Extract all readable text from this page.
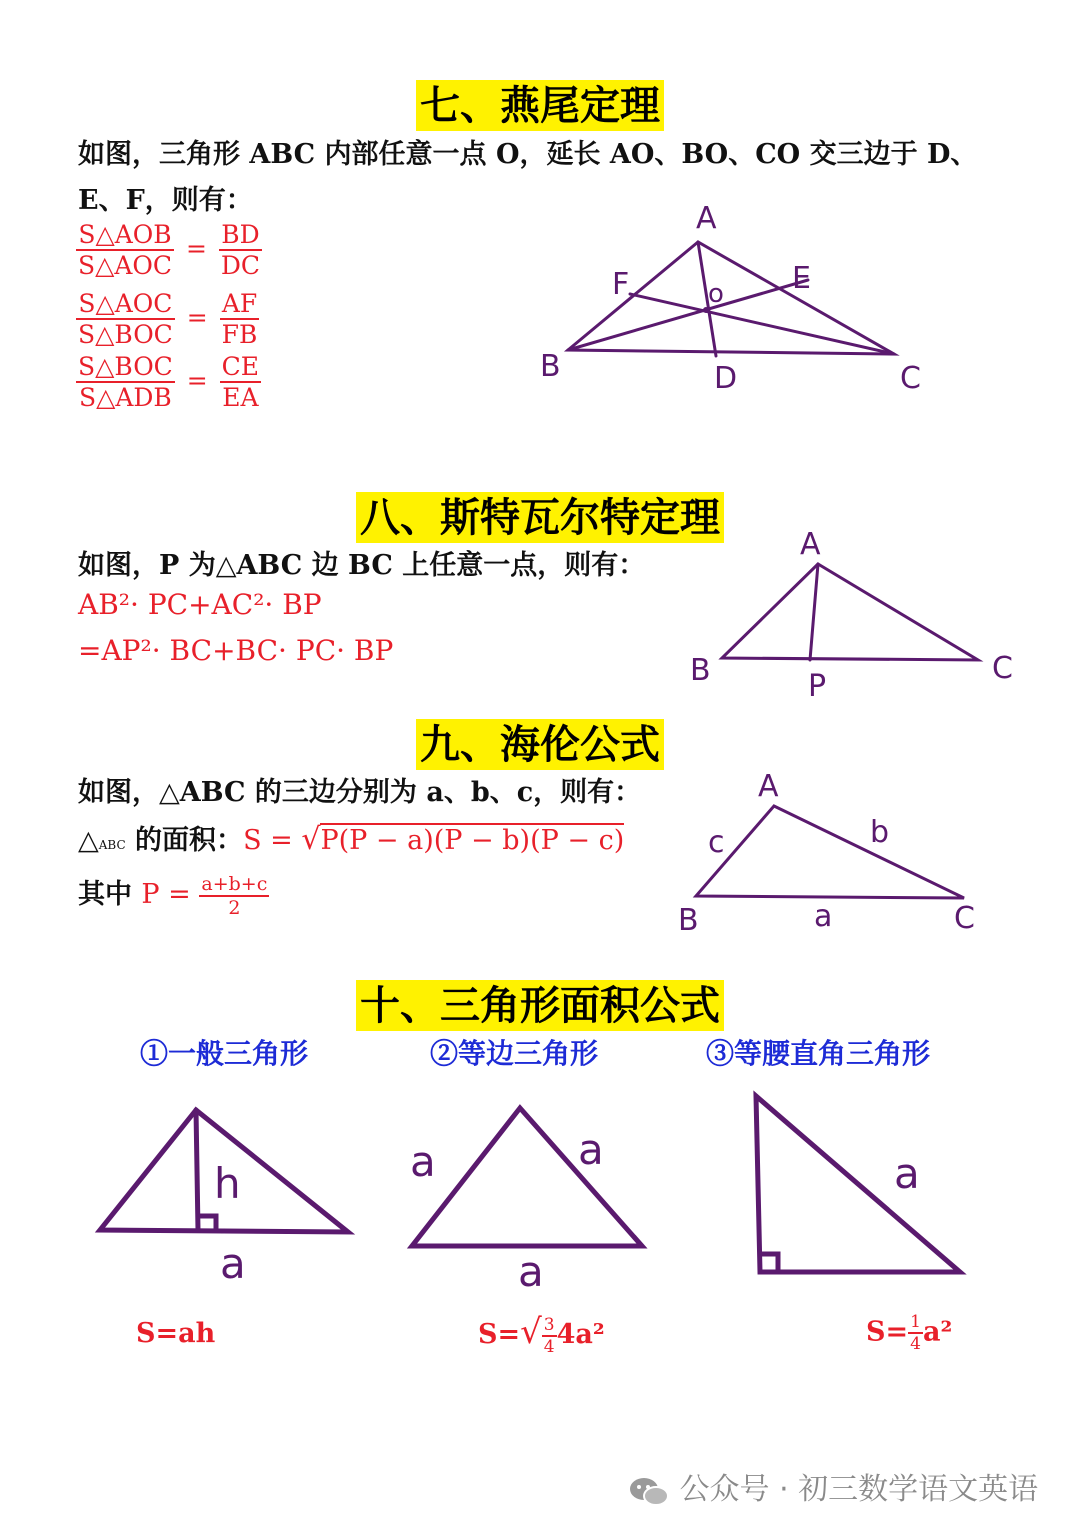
七、燕尾定理
如图，三角形 ABC 内部任意一点 O，延长 AO、BO、CO 交三边于 D、
E、F，则有：
$\frac{\text{S△AOB}}{\text{S△AOC}} = \frac{BD}{DC}$
$\frac{\text{S△AOC}}{\text{S△BOC}} = \frac{AF}{FB}$
$\frac{\text{S△BOC}}{\text{S△ADB}} = \frac{CE}{EA}$
A
B	C
D
E
F	o
八、斯特瓦尔特定理
如图，P 为△ABC 边 BC 上任意一点，则有：
AB²· PC+AC²· BP
=AP²· BC+BC· PC· BP
A
B	C
P
九、海伦公式
如图，△ABC 的三边分别为 a、b、c，则有：
△ABC 的面积：S = √P(P − a)(P − b)(P − c)
其中 $P = \frac{a+b+c}{2}$
A
B	C
a
b
c
十、三角形面积公式
①一般三角形	②等边三角形	③等腰直角三角形
h
a
a	a
a
a
S=ah	$S=√ \frac{3}{4} 4a^2$	$S= \frac{1}{4} a^2$
公众号 · 初三数学语文英语
